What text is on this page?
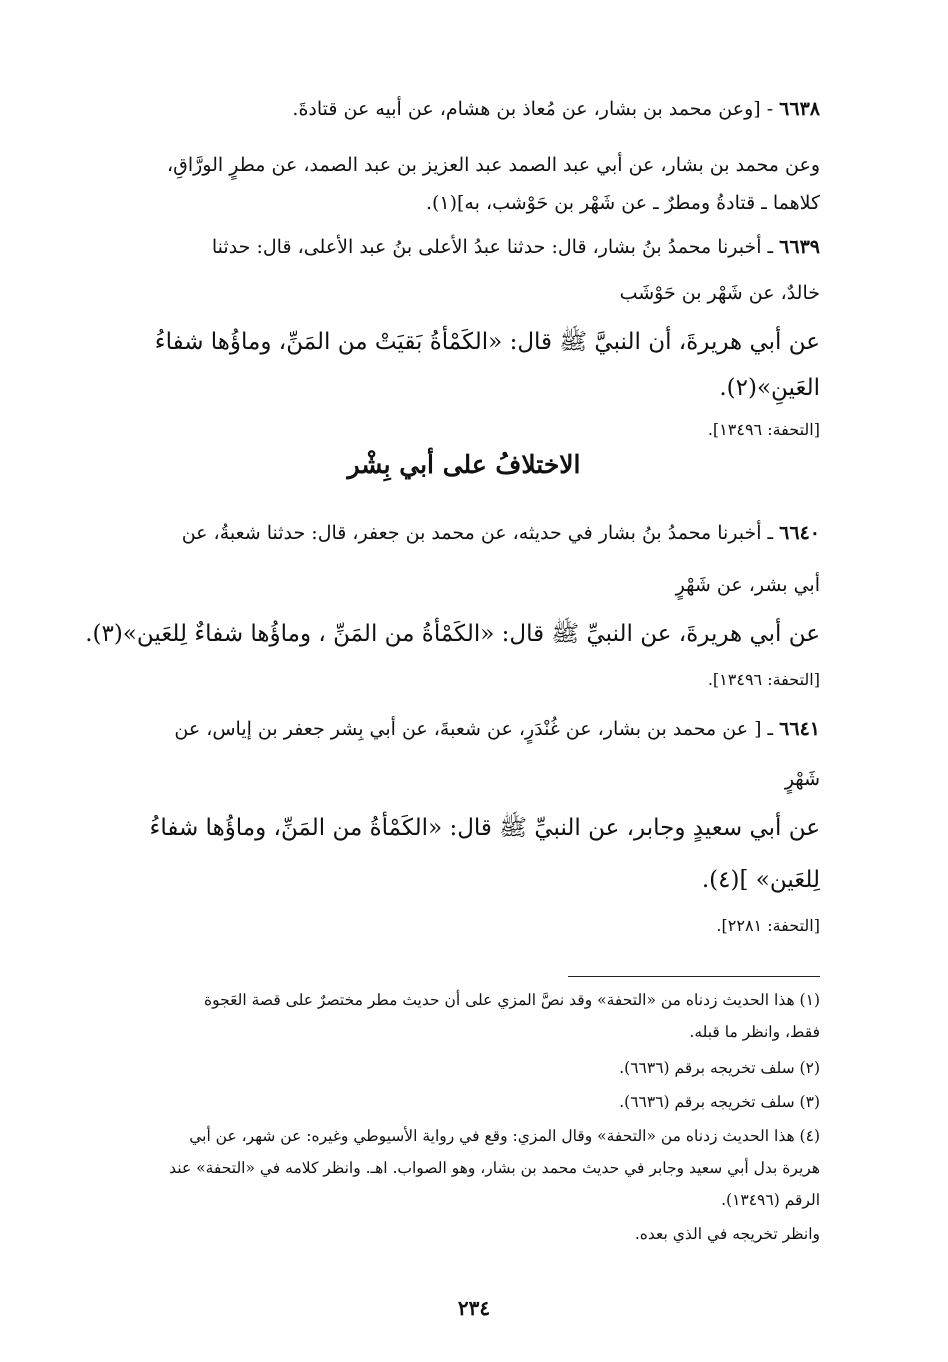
٦٦٣٨ - [وعن محمد بن بشار، عن مُعاذ بن هشام، عن أبيه عن قتادةَ.
وعن محمد بن بشار، عن أبي عبد الصمد عبد العزيز بن عبد الصمد، عن مطرٍ الورَّاقِ،
كلاهما ـ قتادةُ ومطرٌ ـ عن شَهْر بن حَوْشب، به](١).
٦٦٣٩ ـ أخبرنا محمدُ بنُ بشار، قال: حدثنا عبدُ الأعلى بنُ عبد الأعلى، قال: حدثنا
خالدٌ، عن شَهْر بن حَوْشَب
عن أبي هريرةَ، أن النبيَّ ﷺ قال: «الكَمْأةُ بَقيَتْ من المَنِّ، وماؤُها شفاءُ
العَينِ»(٢).
[التحفة: ١٣٤٩٦].
الاختلافُ على أبي بِشْر
٦٦٤٠ ـ أخبرنا محمدُ بنُ بشار في حديثه، عن محمد بن جعفر، قال: حدثنا شعبةُ، عن
أبي بشر، عن شَهْرٍ
عن أبي هريرةَ، عن النبيِّ ﷺ قال: «الكَمْأةُ من المَنِّ ، وماؤُها شفاءٌ لِلعَين»(٣).
[التحفة: ١٣٤٩٦].
٦٦٤١ ـ [ عن محمد بن بشار، عن غُنْدَرٍ، عن شعبةَ، عن أبي بِشر جعفر بن إياس، عن
شَهْرٍ
عن أبي سعيدٍ وجابر، عن النبيِّ ﷺ قال: «الكَمْأةُ من المَنِّ، وماؤُها شفاءُ
لِلعَين» ](٤).
[التحفة: ٢٢٨١].
(١) هذا الحديث زدناه من «التحفة» وقد نصَّ المزي على أن حديث مطر مختصرٌ على قصة العَجوة
فقط، وانظر ما قبله.
(٢) سلف تخريجه برقم (٦٦٣٦).
(٣) سلف تخريجه برقم (٦٦٣٦).
(٤) هذا الحديث زدناه من «التحفة» وقال المزي: وقع في رواية الأسيوطي وغيره: عن شهر، عن أبي
هريرة بدل أبي سعيد وجابر في حديث محمد بن بشار، وهو الصواب. اهـ. وانظر كلامه في «التحفة» عند
الرقم (١٣٤٩٦).
وانظر تخريجه في الذي بعده.
٢٣٤
